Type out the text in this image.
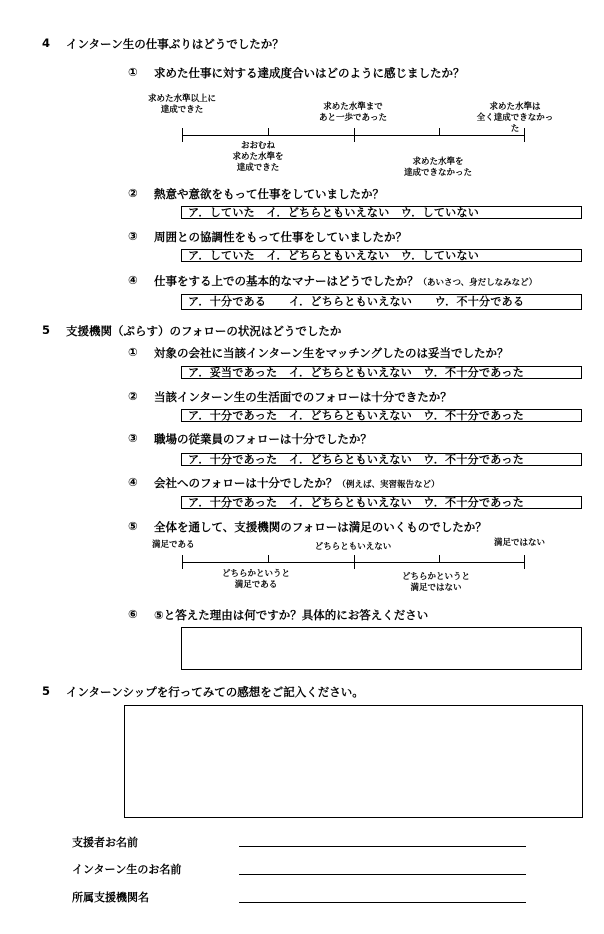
4 インターン生の仕事ぶりはどうでしたか？
① 求めた仕事に対する達成度合いはどのように感じましたか？
求めた水準以上に
達成できた	求めた水準まで
あと一歩であった
求めた水準は
全く達成できなかっ
た
おおむね
求めた水準を
達成できた
求めた水準を
達成できなかった
② 熱意や意欲をもって仕事をしていましたか？
ア．していた　イ．どちらともいえない　ウ．していない
③ 周囲との協調性をもって仕事をしていましたか？
ア．していた　イ．どちらともいえない　ウ．していない
④ 仕事をする上での基本的なマナーはどうでしたか？（あいさつ、身だしなみなど）
ア．十分である　　イ．どちらともいえない　　ウ．不十分である
5 支援機関（ぷらす）のフォローの状況はどうでしたか
① 対象の会社に当該インターン生をマッチングしたのは妥当でしたか？
ア．妥当であった　イ．どちらともいえない　ウ．不十分であった
② 当該インターン生の生活面でのフォローは十分できたか？
ア．十分であった　イ．どちらともいえない　ウ．不十分であった
③ 職場の従業員のフォローは十分でしたか？
ア．十分であった　イ．どちらともいえない　ウ．不十分であった
④ 会社へのフォローは十分でしたか？（例えば、実習報告など）
ア．十分であった　イ．どちらともいえない　ウ．不十分であった
⑤ 全体を通して、支援機関のフォローは満足のいくものでしたか？
満足である	どちらともいえない	満足ではない
どちらかというと
満足である
どちらかというと
満足ではない
⑥ ⑤と答えた理由は何ですか？具体的にお答えください
5 インターンシップを行ってみての感想をご記入ください。
支援者お名前
インターン生のお名前
所属支援機関名
